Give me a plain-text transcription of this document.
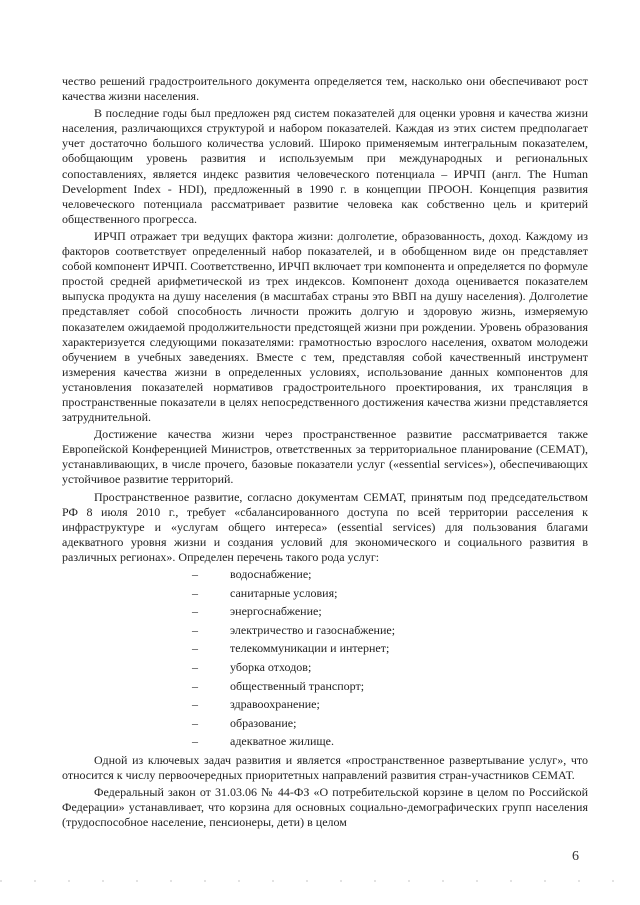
чество решений градостроительного документа определяется тем, насколько они обеспечивают рост качества жизни населения.

В последние годы был предложен ряд систем показателей для оценки уровня и качества жизни населения, различающихся структурой и набором показателей. Каждая из этих систем предполагает учет достаточно большого количества условий. Широко применяемым интегральным показателем, обобщающим уровень развития и используемым при международных и региональных сопоставлениях, является индекс развития человеческого потенциала – ИРЧП (англ. The Human Development Index - HDI), предложенный в 1990 г. в концепции ПРООН. Концепция развития человеческого потенциала рассматривает развитие человека как собственно цель и критерий общественного прогресса.

ИРЧП отражает три ведущих фактора жизни: долголетие, образованность, доход. Каждому из факторов соответствует определенный набор показателей, и в обобщенном виде он представляет собой компонент ИРЧП. Соответственно, ИРЧП включает три компонента и определяется по формуле простой средней арифметической из трех индексов. Компонент дохода оценивается показателем выпуска продукта на душу населения (в масштабах страны это ВВП на душу населения). Долголетие представляет собой способность личности прожить долгую и здоровую жизнь, измеряемую показателем ожидаемой продолжительности предстоящей жизни при рождении. Уровень образования характеризуется следующими показателями: грамотностью взрослого населения, охватом молодежи обучением в учебных заведениях. Вместе с тем, представляя собой качественный инструмент измерения качества жизни в определенных условиях, использование данных компонентов для установления показателей нормативов градостроительного проектирования, их трансляция в пространственные показатели в целях непосредственного достижения качества жизни представляется затруднительной.

Достижение качества жизни через пространственное развитие рассматривается также Европейской Конференцией Министров, ответственных за территориальное планирование (СЕМАТ), устанавливающих, в числе прочего, базовые показатели услуг («essential services»), обеспечивающих устойчивое развитие территорий.

Пространственное развитие, согласно документам СЕМАТ, принятым под председательством РФ 8 июля 2010 г., требует «сбалансированного доступа по всей территории расселения к инфраструктуре и «услугам общего интереса» (essential services) для пользования благами адекватного уровня жизни и создания условий для экономического и социального развития в различных регионах». Определен перечень такого рода услуг:

–	водоснабжение;
–	санитарные условия;
–	энергоснабжение;
–	электричество и газоснабжение;
–	телекоммуникации и интернет;
–	уборка отходов;
–	общественный транспорт;
–	здравоохранение;
–	образование;
–	адекватное жилище.

Одной из ключевых задач развития и является «пространственное развертывание услуг», что относится к числу первоочередных приоритетных направлений развития стран-участников СЕМАТ.

Федеральный закон от 31.03.06 № 44-ФЗ «О потребительской корзине в целом по Российской Федерации» устанавливает, что корзина для основных социально-демографических групп населения (трудоспособное население, пенсионеры, дети) в целом

6
